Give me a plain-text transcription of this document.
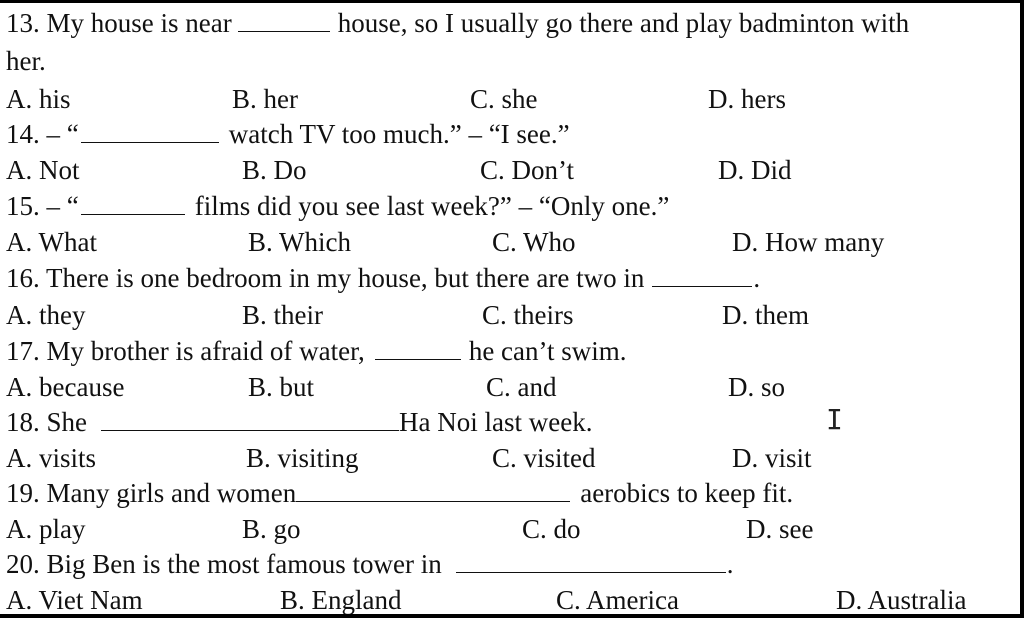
13. My house is near	house, so I usually go there and play badminton with
her.
A. his	B. her	C. she	D. hers
14. – “	watch TV too much.” – “I see.”
A. Not	B. Do	C. Don’t	D. Did
15. – “	films did you see last week?” – “Only one.”
A. What	B. Which	C. Who	D. How many
16. There is one bedroom in my house, but there are two in	.
A. they	B. their	C. theirs	D. them
17. My brother is afraid of water,	he can’t swim.
A. because	B. but	C. and	D. so
18. She	Ha Noi last week.
A. visits	B. visiting	C. visited	D. visit
19. Many girls and women	aerobics to keep fit.
A. play	B. go	C. do	D. see
20. Big Ben is the most famous tower in	.
A. Viet Nam	B. England	C. America	D. Australia
I
